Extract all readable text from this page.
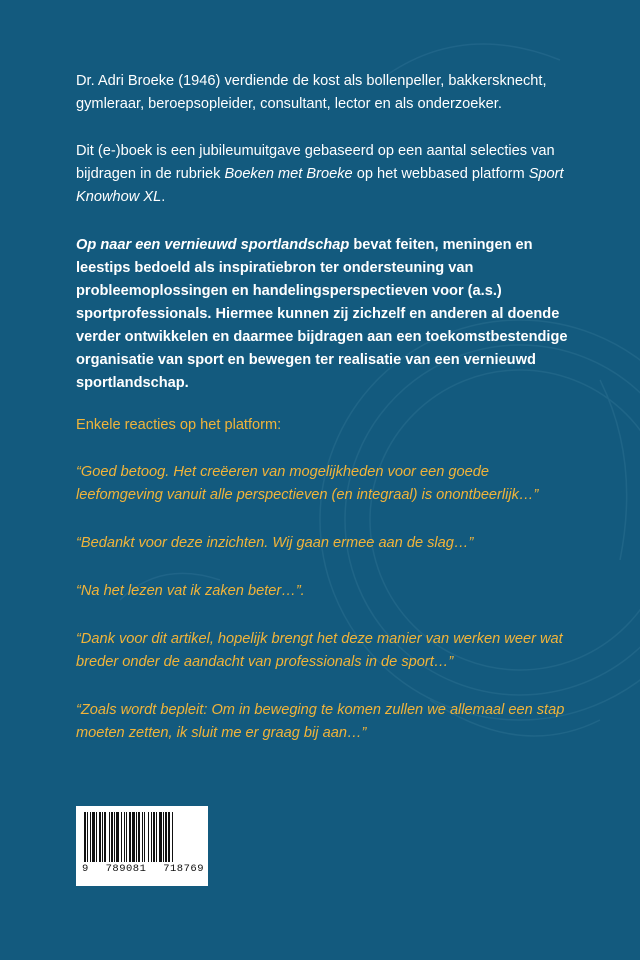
Dr. Adri Broeke (1946) verdiende de kost als bollenpeller, bakkersknecht, gymleraar, beroepsopleider, consultant, lector en als onderzoeker.

Dit (e-)boek is een jubileumuitgave gebaseerd op een aantal selecties van bijdragen in de rubriek Boeken met Broeke op het webbased platform Sport Knowhow XL.

Op naar een vernieuwd sportlandschap bevat feiten, meningen en leestips bedoeld als inspiratiebron ter ondersteuning van probleemoplossingen en handelingsperspectieven voor (a.s.) sportprofessionals. Hiermee kunnen zij zichzelf en anderen al doende verder ontwikkelen en daarmee bijdragen aan een toekomstbestendige organisatie van sport en bewegen ter realisatie van een vernieuwd sportlandschap.

Enkele reacties op het platform:

“Goed betoog. Het creëeren van mogelijkheden voor een goede leefomgeving vanuit alle perspectieven (en integraal) is onontbeerlijk…”

“Bedankt voor deze inzichten. Wij gaan ermee aan de slag…”

“Na het lezen vat ik zaken beter…”.

“Dank voor dit artikel, hopelijk brengt het deze manier van werken weer wat breder onder de aandacht van professionals in de sport…”

“Zoals wordt bepleit: Om in beweging te komen zullen we allemaal een stap moeten zetten, ik sluit me er graag bij aan…”

9 789081 718769
